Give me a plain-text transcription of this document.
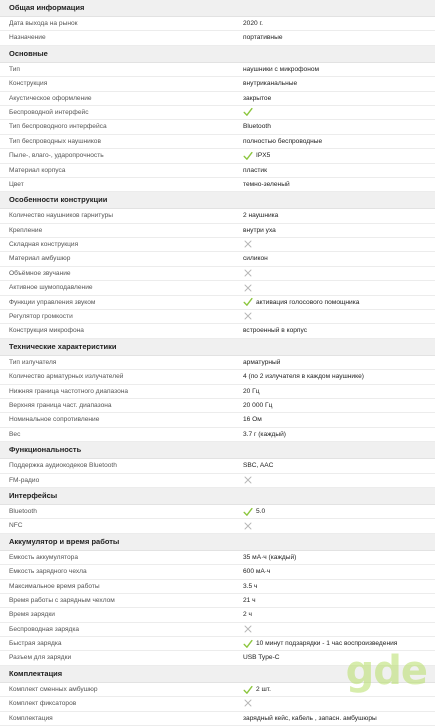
Общая информация
Дата выхода на рынок	2020 г.
Назначение	портативные
Основные
Тип	наушники с микрофоном
Конструкция	внутриканальные
Акустическое оформление	закрытое
Беспроводной интерфейс
Тип беспроводного интерфейса	Bluetooth
Тип беспроводных наушников	полностью беспроводные
Пыле-, влаго-, ударопрочность	IPX5
Материал корпуса	пластик
Цвет	темно-зеленый
Особенности конструкции
Количество наушников гарнитуры	2 наушника
Крепление	внутри уха
Складная конструкция
Материал амбушюр	силикон
Объёмное звучание
Активное шумоподавление
Функции управления звуком	активация голосового помощника
Регулятор громкости
Конструкция микрофона	встроенный в корпус
Технические характеристики
Тип излучателя	арматурный
Количество арматурных излучателей	4 (по 2 излучателя в каждом наушнике)
Нижняя граница частотного диапазона	20 Гц
Верхняя граница част. диапазона	20 000 Гц
Номинальное сопротивление	16 Ом
Вес	3.7 г (каждый)
Функциональность
Поддержка аудиокодеков Bluetooth	SBC, AAC
FM-радио
Интерфейсы
Bluetooth	5.0
NFC
Аккумулятор и время работы
Емкость аккумулятора	35 мА·ч (каждый)
Емкость зарядного чехла	600 мА·ч
Максимальное время работы	3.5 ч
Время работы с зарядным чехлом	21 ч
Время зарядки	2 ч
Беспроводная зарядка
Быстрая зарядка	10 минут подзарядки - 1 час воспроизведения
Разъем для зарядки	USB Type-C
Комплектация
Комплект сменных амбушюр	2 шт.
Комплект фиксаторов
Комплектация	зарядный кейс, кабель , запасн. амбушюры
gde
